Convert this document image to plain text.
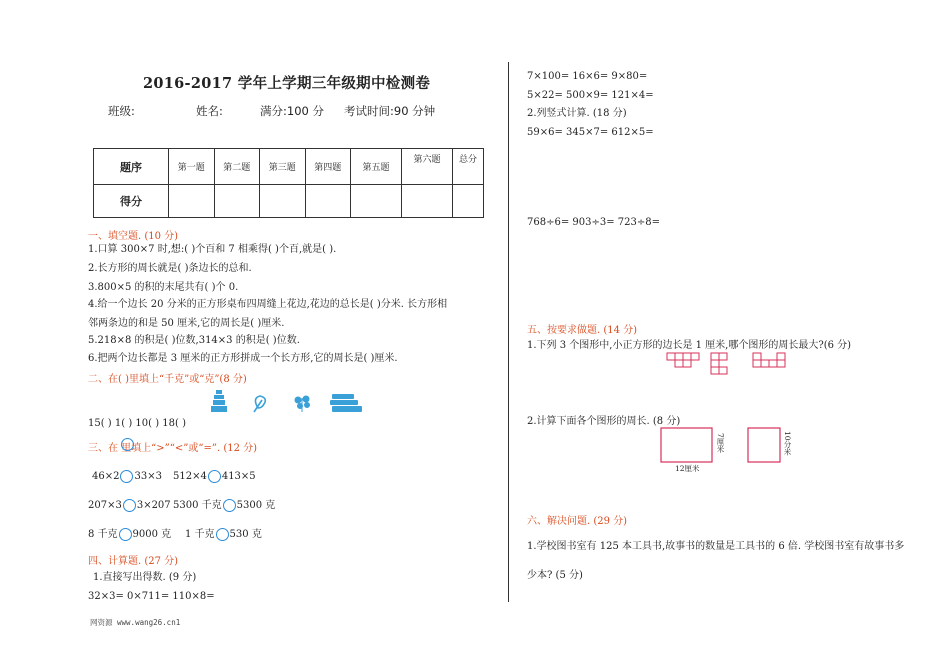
2016-2017 学年上学期三年级期中检测卷
班级:	姓名:	满分:100 分 考试时间:90 分钟
题序	第一题	第二题	第三题	第四题	第五题	第六题	总分
得分							
一、填空题. (10 分)
1.口算 300×7 时,想:( )个百和 7 相乘得( )个百,就是( ).
2.长方形的周长就是( )条边长的总和.
3.800×5 的积的末尾共有( )个 0.
4.给一个边长 20 分米的正方形桌布四周缝上花边,花边的总长是( )分米. 长方形相
邻两条边的和是 50 厘米,它的周长是( )厘米.
5.218×8 的积是( )位数,314×3 的积是( )位数.
6.把两个边长都是 3 厘米的正方形拼成一个长方形,它的周长是( )厘米.
二、在( )里填上“千克”或“克”(8 分)
15( ) 1( ) 10( ) 18( )
三、在 里填上“>”“<”或“=”. (12 分)
46×2 33×3 512×4 413×5
207×3 3×207 5300 千克 5300 克
8 千克 9000 克 1 千克 530 克
四、计算题. (27 分)
1.直接写出得数. (9 分)
32×3= 0×711= 110×8=
7×100= 16×6= 9×80=
5×22= 500×9= 121×4=
2.列竖式计算. (18 分)
59×6= 345×7= 612×5=
768÷6= 903÷3= 723÷8=
五、按要求做题. (14 分)
1.下列 3 个图形中,小正方形的边长是 1 厘米,哪个图形的周长最大?(6 分)
2.计算下面各个图形的周长. (8 分)
12厘米
7厘米	10分米
六、解决问题. (29 分)
1.学校图书室有 125 本工具书,故事书的数量是工具书的 6 倍. 学校图书室有故事书多
少本? (5 分)
网资源 www.wang26.cn1
